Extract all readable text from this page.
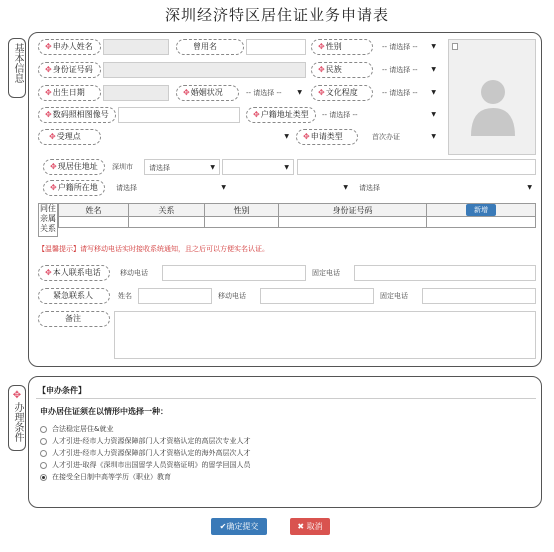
深圳经济特区居住证业务申请表
基本信息	✥申办人姓名	曾用名	✥性别	-- 请选择 -- ▼
✥身份证号码	✥民族	-- 请选择 -- ▼
✥出生日期	✥婚姻状况	-- 请选择 --	▼	✥文化程度	-- 请选择 -- ▼
✥数码照相图像号	✥户籍地址类型	-- 请选择 --	▼
✥受理点	▼	✥申请类型	首次办证	▼
✥现居住地址	深圳市	请选择	▼	▼
✥户籍所在地	请选择	▼	▼	请选择	▼
同住亲属关系
姓名	关系	性别	身份证号码	新增

【温馨提示】请写移动电话实时接收系统通知，且之后可以方便实名认证。
✥本人联系电话	移动电话	固定电话
紧急联系人	姓名	移动电话	固定电话
备注
✥
办理条件
【申办条件】
申办居住证须在以情形中选择一种：
合法稳定居住&就业
人才引进-经市人力资源保障部门人才资格认定的高层次专业人才
人才引进-经市人力资源保障部门人才资格认定的海外高层次人才
人才引进-取得《深圳市出国留学人员资格证明》的留学回国人员
在接受全日制中高等学历（职业）教育
✔确定提交	✖ 取消
